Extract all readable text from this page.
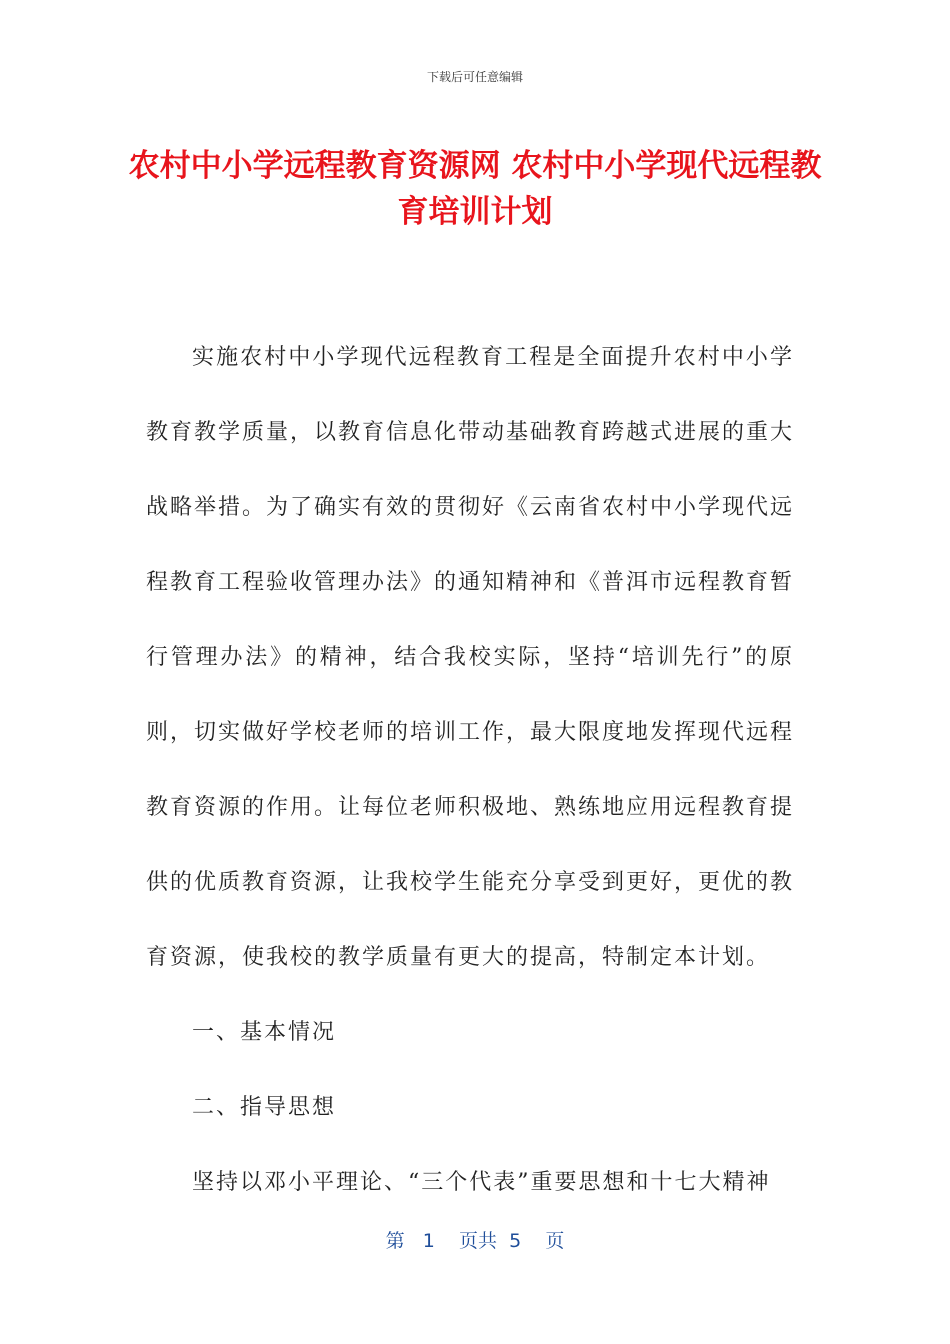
下载后可任意编辑
农村中小学远程教育资源网 农村中小学现代远程教育培训计划

实施农村中小学现代远程教育工程是全面提升农村中小学教育教学质量，以教育信息化带动基础教育跨越式进展的重大战略举措。为了确实有效的贯彻好《云南省农村中小学现代远程教育工程验收管理办法》的通知精神和《普洱市远程教育暂行管理办法》的精神，结合我校实际，坚持“培训先行”的原则，切实做好学校老师的培训工作，最大限度地发挥现代远程教育资源的作用。让每位老师积极地、熟练地应用远程教育提供的优质教育资源，让我校学生能充分享受到更好，更优的教育资源，使我校的教学质量有更大的提高，特制定本计划。

一、基本情况

二、指导思想

坚持以邓小平理论、“三个代表”重要思想和十七大精神

第 1 页共 5 页
